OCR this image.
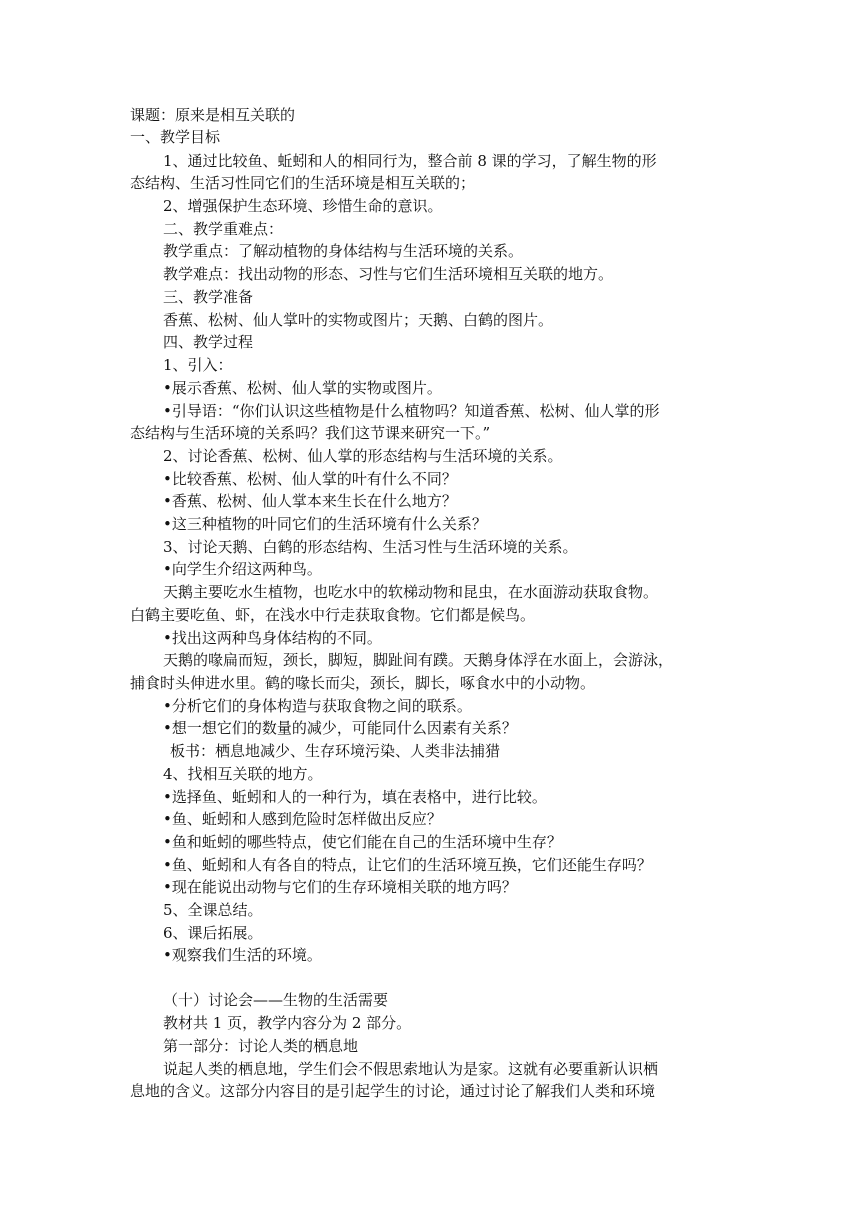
课题：原来是相互关联的
一、教学目标
1、通过比较鱼、蚯蚓和人的相同行为，整合前 8 课的学习，了解生物的形
态结构、生活习性同它们的生活环境是相互关联的；
2、增强保护生态环境、珍惜生命的意识。
二、教学重难点：
教学重点：了解动植物的身体结构与生活环境的关系。
教学难点：找出动物的形态、习性与它们生活环境相互关联的地方。
三、教学准备
香蕉、松树、仙人掌叶的实物或图片；天鹅、白鹤的图片。
四、教学过程
1、引入：
•展示香蕉、松树、仙人掌的实物或图片。
•引导语：“你们认识这些植物是什么植物吗？知道香蕉、松树、仙人掌的形
态结构与生活环境的关系吗？我们这节课来研究一下。”
2、讨论香蕉、松树、仙人掌的形态结构与生活环境的关系。
•比较香蕉、松树、仙人掌的叶有什么不同？
•香蕉、松树、仙人掌本来生长在什么地方？
•这三种植物的叶同它们的生活环境有什么关系？
3、讨论天鹅、白鹤的形态结构、生活习性与生活环境的关系。
•向学生介绍这两种鸟。
天鹅主要吃水生植物，也吃水中的软梯动物和昆虫，在水面游动获取食物。
白鹤主要吃鱼、虾，在浅水中行走获取食物。它们都是候鸟。
•找出这两种鸟身体结构的不同。
天鹅的喙扁而短，颈长，脚短，脚趾间有蹼。天鹅身体浮在水面上，会游泳，
捕食时头伸进水里。鹤的喙长而尖，颈长，脚长，啄食水中的小动物。
•分析它们的身体构造与获取食物之间的联系。
•想一想它们的数量的减少，可能同什么因素有关系？
板书：栖息地减少、生存环境污染、人类非法捕猎
4、找相互关联的地方。
•选择鱼、蚯蚓和人的一种行为，填在表格中，进行比较。
•鱼、蚯蚓和人感到危险时怎样做出反应？
•鱼和蚯蚓的哪些特点，使它们能在自己的生活环境中生存？
•鱼、蚯蚓和人有各自的特点，让它们的生活环境互换，它们还能生存吗？
•现在能说出动物与它们的生存环境相关联的地方吗？
5、全课总结。
6、课后拓展。
•观察我们生活的环境。
（十）讨论会——生物的生活需要
教材共 1 页，教学内容分为 2 部分。
第一部分：讨论人类的栖息地
说起人类的栖息地，学生们会不假思索地认为是家。这就有必要重新认识栖
息地的含义。这部分内容目的是引起学生的讨论，通过讨论了解我们人类和环境
